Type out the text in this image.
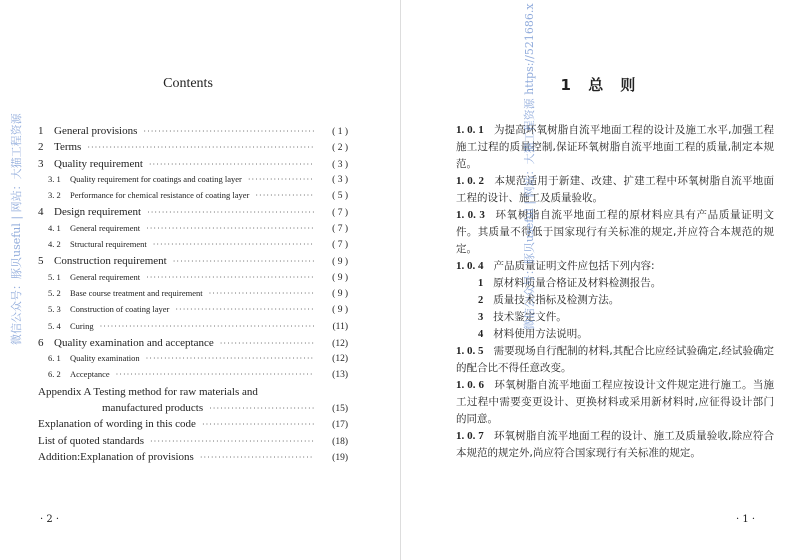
Contents
1 General provisions ·····	( 1 )
2 Terms ·····	( 2 )
3 Quality requirement ·····	( 3 )
3. 1	Quality requirement for coatings and coating layer ·····	( 3 )
3. 2	Performance for chemical resistance of coating layer ·····	( 5 )
4 Design requirement ·····	( 7 )
4. 1	General requirement ·····	( 7 )
4. 2	Structural requirement ·····	( 7 )
5 Construction requirement ·····	( 9 )
5. 1	General requirement ·····	( 9 )
5. 2	Base course treatment and requirement ·····	( 9 )
5. 3	Construction of coating layer ·····	( 9 )
5. 4	Curing ·····	(11)
6 Quality examination and acceptance ·····	(12)
6. 1	Quality examination ·····	(12)
6. 2	Acceptance ·····	(13)
Appendix A Testing method for raw materials and
manufactured products ·····	(15)
Explanation of wording in this code ·····	(17)
List of quoted standards ·····	(18)
Addition:Explanation of provisions ·····	(19)
· 2 ·
1 总 则

1. 0. 1 为提高环氧树脂自流平地面工程的设计及施工水平,加强工程施工过程的质量控制,保证环氧树脂自流平地面工程的质量,制定本规范。

1. 0. 2 本规范适用于新建、改建、扩建工程中环氧树脂自流平地面工程的设计、施工及质量验收。

1. 0. 3 环氧树脂自流平地面工程的原材料应具有产品质量证明文件。其质量不得低于国家现行有关标准的规定,并应符合本规范的规定。

1. 0. 4 产品质量证明文件应包括下列内容:

1 原材料质量合格证及材料检测报告。
2 质量技术指标及检测方法。
3 技术鉴定文件。
4 材料使用方法说明。

1. 0. 5 需要现场自行配制的材料,其配合比应经试验确定,经试验确定的配合比不得任意改变。

1. 0. 6 环氧树脂自流平地面工程应按设计文件规定进行施工。当施工过程中需要变更设计、更换材料或采用新材料时,应征得设计部门的同意。

1. 0. 7 环氧树脂自流平地面工程的设计、施工及质量验收,除应符合本规范的规定外,尚应符合国家现行有关标准的规定。

· 1 ·
微信公众号：豚贝useful | 网站：大猫工程资源	微信公众号：豚贝useful | 网站：大猫工程资源 https://521686.x
